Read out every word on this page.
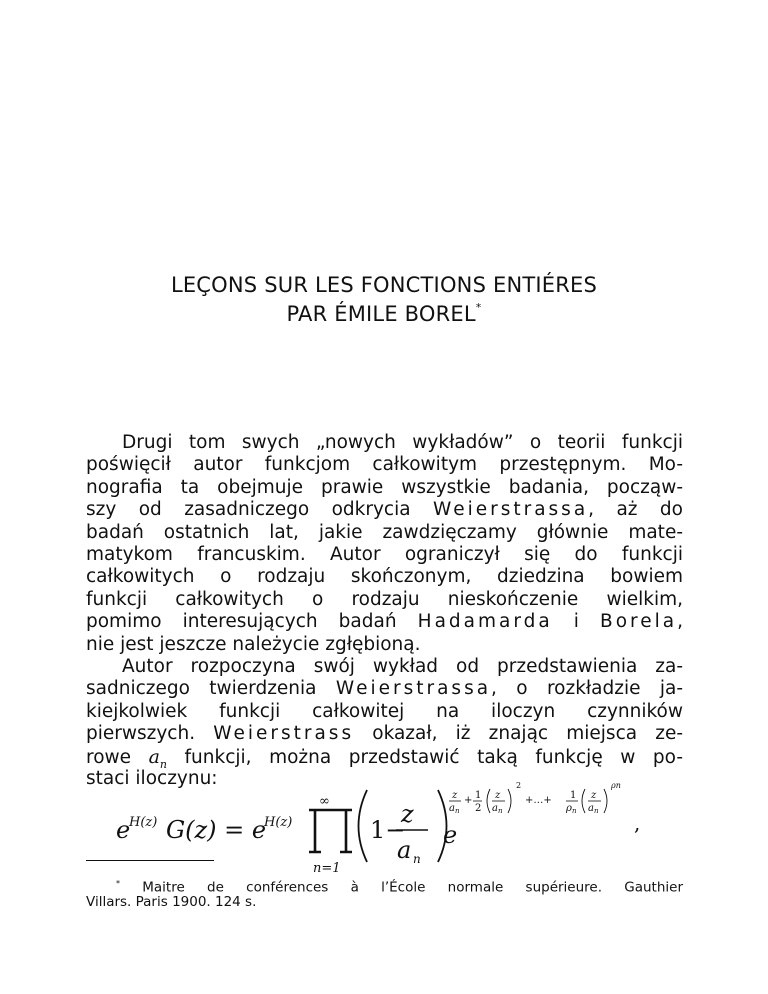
LEÇONS SUR LES FONCTIONS ENTIÉRES
PAR ÉMILE BOREL*
Drugi tom swych „nowych wykładów” o teorii funkcji
poświęcił autor funkcjom całkowitym przestępnym. Mo-
nografia ta obejmuje prawie wszystkie badania, począw-
szy od zasadniczego odkrycia Weierstrassa, aż do
badań ostatnich lat, jakie zawdzięczamy głównie mate-
matykom francuskim. Autor ograniczył się do funkcji
całkowitych o rodzaju skończonym, dziedzina bowiem
funkcji całkowitych o rodzaju nieskończenie wielkim,
pomimo interesujących badań Hadamarda i Borela,
nie jest jeszcze należycie zgłębioną.
Autor rozpoczyna swój wykład od przedstawienia za-
sadniczego twierdzenia Weierstrassa, o rozkładzie ja-
kiejkolwiek funkcji całkowitej na iloczyn czynników
pierwszych. Weierstrass okazał, iż znając miejsca ze-
rowe $a_n$ funkcji, można przedstawić taką funkcję w po-
staci iloczynu:
e
H(z) G(z) = e
H(z)
∞
n=1
1−
z
a n
e
z
a n
+ 1
2
z
a n
2
+…+ 1
ρ n
z
a n
ρn
,
* Maitre de conférences à l’École normale supérieure. Gauthier
Villars. Paris 1900. 124 s.
